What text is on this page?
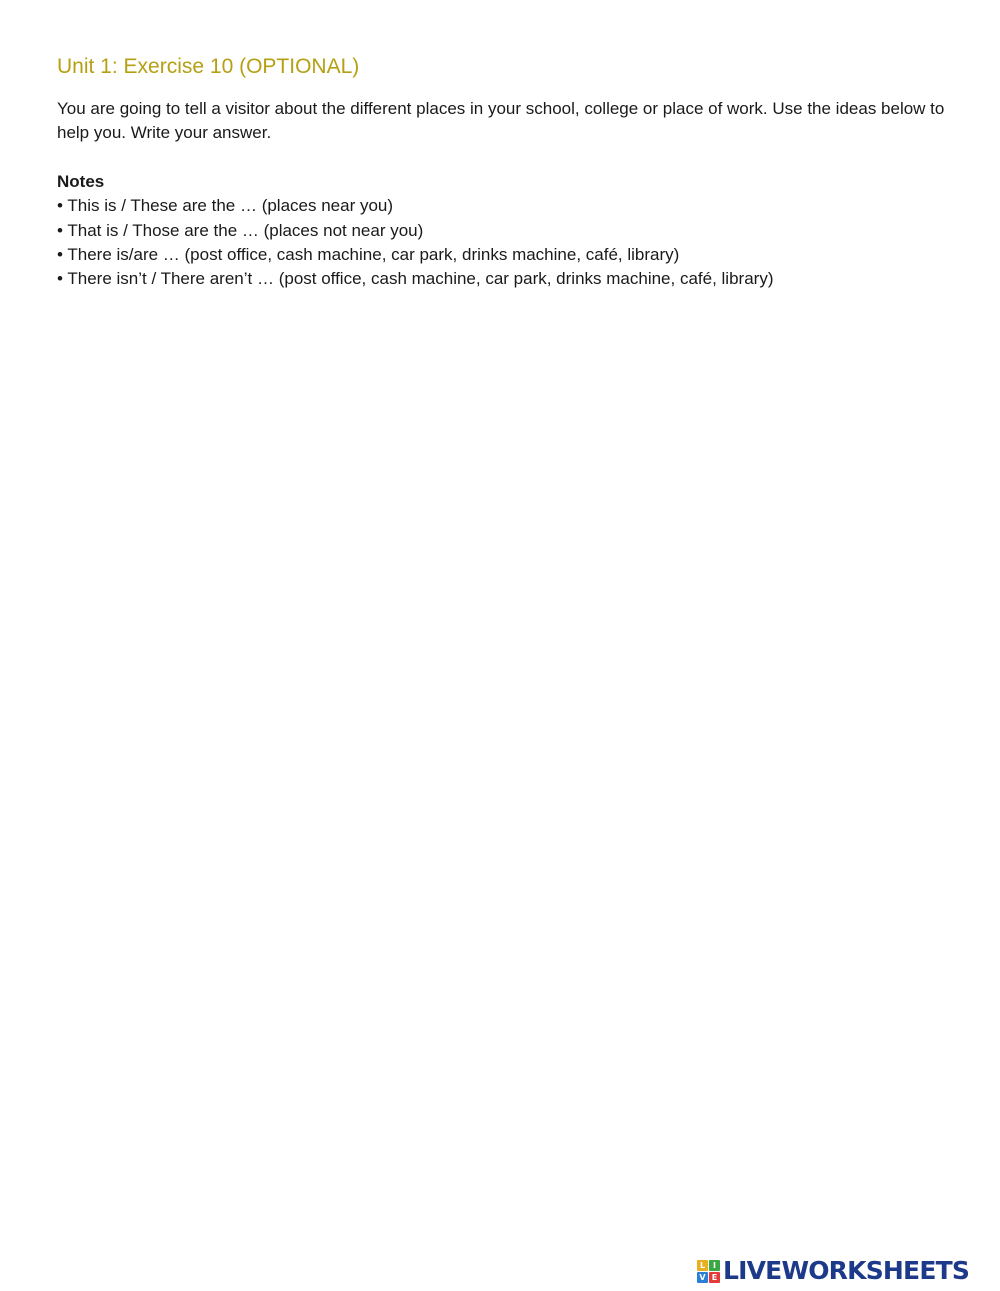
Unit 1: Exercise 10 (OPTIONAL)

You are going to tell a visitor about the different places in your school, college or place of work. Use the ideas below to help you. Write your answer.

Notes

• This is / These are the … (places near you)
• That is / Those are the … (places not near you)
• There is/are … (post office, cash machine, car park, drinks machine, café, library)
• There isn’t / There aren’t … (post office, cash machine, car park, drinks machine, café, library)
L I
V E LIVEWORKSHEETS
